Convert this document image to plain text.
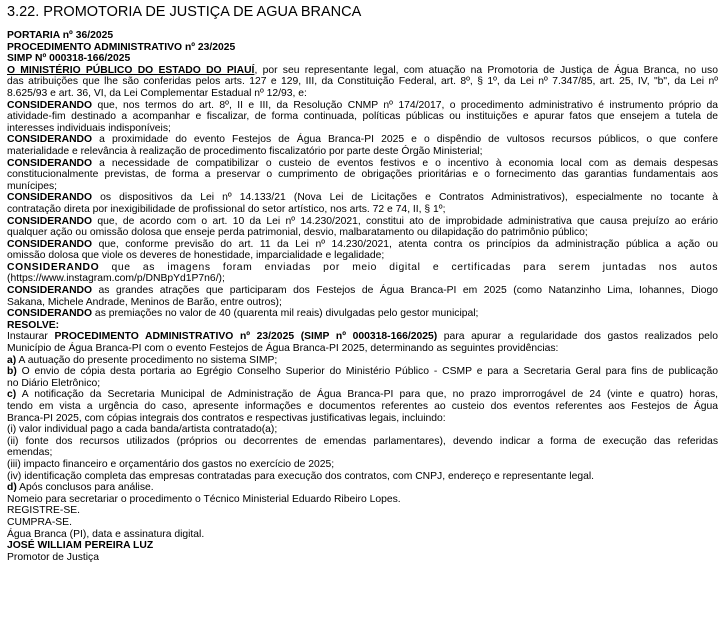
3.22. PROMOTORIA DE JUSTIÇA DE AGUA BRANCA
PORTARIA nº 36/2025
PROCEDIMENTO ADMINISTRATIVO nº 23/2025
SIMP Nº 000318-166/2025
O MINISTÉRIO PÚBLICO DO ESTADO DO PIAUÍ, por seu representante legal, com atuação na Promotoria de Justiça de Água Branca, no uso
das atribuições que lhe são conferidas pelos arts. 127 e 129, III, da Constituição Federal, art. 8º, § 1º, da Lei nº 7.347/85, art. 25, IV, "b", da Lei nº
8.625/93 e art. 36, VI, da Lei Complementar Estadual nº 12/93, e:
CONSIDERANDO que, nos termos do art. 8º, II e III, da Resolução CNMP nº 174/2017, o procedimento administrativo é instrumento próprio da
atividade-fim destinado a acompanhar e fiscalizar, de forma continuada, políticas públicas ou instituições e apurar fatos que ensejem a tutela de
interesses individuais indisponíveis;
CONSIDERANDO a proximidade do evento Festejos de Água Branca-PI 2025 e o dispêndio de vultosos recursos públicos, o que confere
materialidade e relevância à realização de procedimento fiscalizatório por parte deste Órgão Ministerial;
CONSIDERANDO a necessidade de compatibilizar o custeio de eventos festivos e o incentivo à economia local com as demais despesas
constitucionalmente previstas, de forma a preservar o cumprimento de obrigações prioritárias e o fornecimento das garantias fundamentais aos
munícipes;
CONSIDERANDO os dispositivos da Lei nº 14.133/21 (Nova Lei de Licitações e Contratos Administrativos), especialmente no tocante à
contratação direta por inexigibilidade de profissional do setor artístico, nos arts. 72 e 74, II, § 1º;
CONSIDERANDO que, de acordo com o art. 10 da Lei nº 14.230/2021, constitui ato de improbidade administrativa que causa prejuízo ao erário
qualquer ação ou omissão dolosa que enseje perda patrimonial, desvio, malbaratamento ou dilapidação do patrimônio público;
CONSIDERANDO que, conforme previsão do art. 11 da Lei nº 14.230/2021, atenta contra os princípios da administração pública a ação ou
omissão dolosa que viole os deveres de honestidade, imparcialidade e legalidade;
CONSIDERANDO que as imagens foram enviadas por meio digital e certificadas para serem juntadas nos autos
(https://www.instagram.com/p/DNBpYd1P7n6/);
CONSIDERANDO as grandes atrações que participaram dos Festejos de Água Branca-PI em 2025 (como Natanzinho Lima, Iohannes, Diogo
Sakana, Michele Andrade, Meninos de Barão, entre outros);
CONSIDERANDO as premiações no valor de 40 (quarenta mil reais) divulgadas pelo gestor municipal;
RESOLVE:
Instaurar PROCEDIMENTO ADMINISTRATIVO nº 23/2025 (SIMP nº 000318-166/2025) para apurar a regularidade dos gastos realizados pelo
Município de Água Branca-PI com o evento Festejos de Água Branca-PI 2025, determinando as seguintes providências:
a) A autuação do presente procedimento no sistema SIMP;
b) O envio de cópia desta portaria ao Egrégio Conselho Superior do Ministério Público - CSMP e para a Secretaria Geral para fins de publicação
no Diário Eletrônico;
c) A notificação da Secretaria Municipal de Administração de Água Branca-PI para que, no prazo improrrogável de 24 (vinte e quatro) horas,
tendo em vista a urgência do caso, apresente informações e documentos referentes ao custeio dos eventos referentes aos Festejos de Água
Branca-PI 2025, com cópias integrais dos contratos e respectivas justificativas legais, incluindo:
(i) valor individual pago a cada banda/artista contratado(a);
(ii) fonte dos recursos utilizados (próprios ou decorrentes de emendas parlamentares), devendo indicar a forma de execução das referidas
emendas;
(iii) impacto financeiro e orçamentário dos gastos no exercício de 2025;
(iv) identificação completa das empresas contratadas para execução dos contratos, com CNPJ, endereço e representante legal.
d) Após conclusos para análise.
Nomeio para secretariar o procedimento o Técnico Ministerial Eduardo Ribeiro Lopes.
REGISTRE-SE.
CUMPRA-SE.
Água Branca (PI), data e assinatura digital.
JOSÉ WILLIAM PEREIRA LUZ
Promotor de Justiça
